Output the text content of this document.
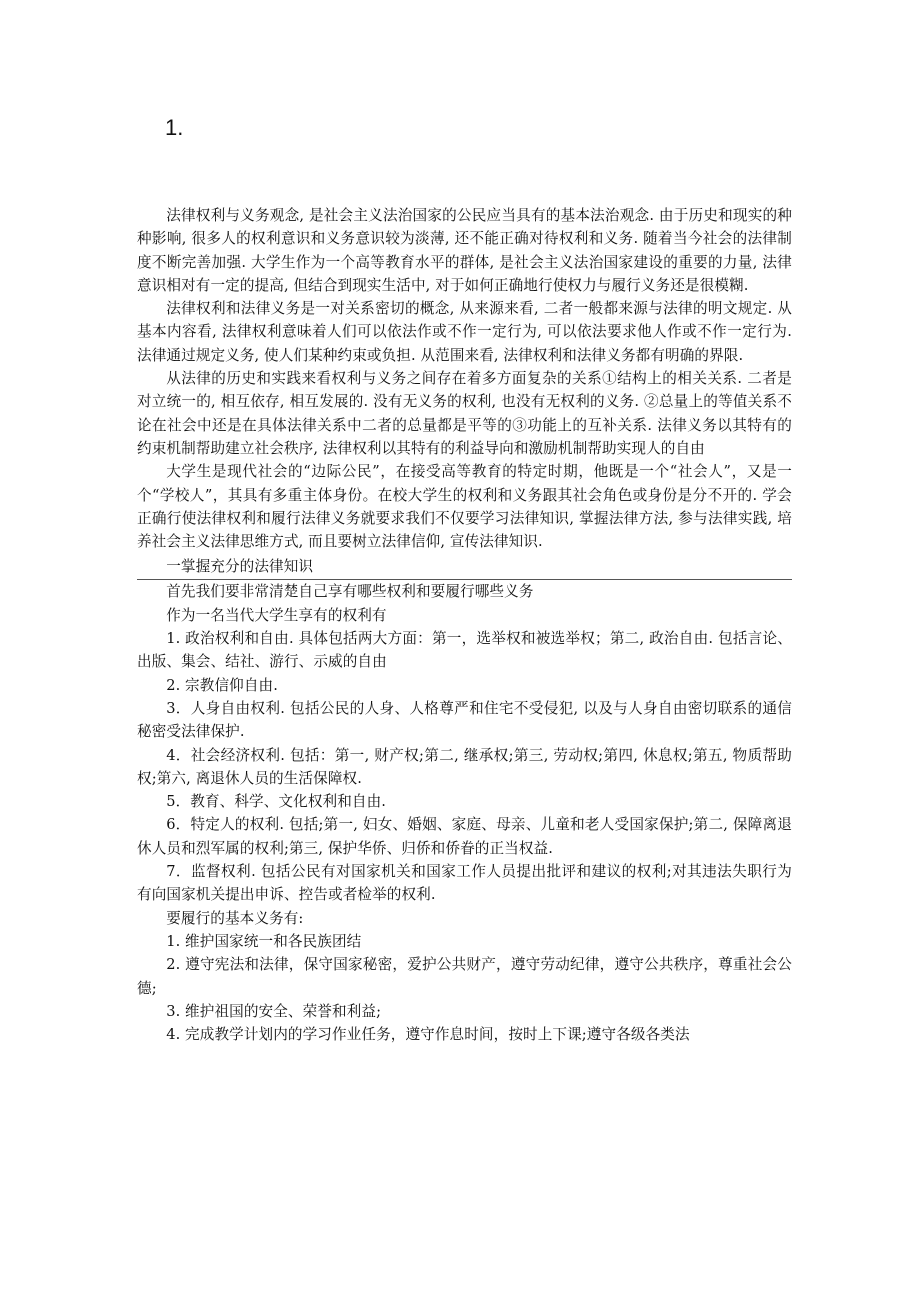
1.

法律权利与义务观念, 是社会主义法治国家的公民应当具有的基本法治观念. 由于历史和现实的种种影响, 很多人的权利意识和义务意识较为淡薄, 还不能正确对待权利和义务. 随着当今社会的法律制度不断完善加强. 大学生作为一个高等教育水平的群体, 是社会主义法治国家建设的重要的力量, 法律意识相对有一定的提高, 但结合到现实生活中, 对于如何正确地行使权力与履行义务还是很模糊.

法律权利和法律义务是一对关系密切的概念, 从来源来看, 二者一般都来源与法律的明文规定. 从基本内容看, 法律权利意味着人们可以依法作或不作一定行为, 可以依法要求他人作或不作一定行为. 法律通过规定义务, 使人们某种约束或负担. 从范围来看, 法律权利和法律义务都有明确的界限.

从法律的历史和实践来看权利与义务之间存在着多方面复杂的关系①结构上的相关关系. 二者是对立统一的, 相互依存, 相互发展的. 没有无义务的权利, 也没有无权利的义务. ②总量上的等值关系不论在社会中还是在具体法律关系中二者的总量都是平等的③功能上的互补关系. 法律义务以其特有的约束机制帮助建立社会秩序, 法律权利以其特有的利益导向和激励机制帮助实现人的自由

大学生是现代社会的“边际公民”，在接受高等教育的特定时期，他既是一个“社会人”，又是一个“学校人”，其具有多重主体身份。在校大学生的权利和义务跟其社会角色或身份是分不开的. 学会正确行使法律权利和履行法律义务就要求我们不仅要学习法律知识, 掌握法律方法, 参与法律实践, 培养社会主义法律思维方式, 而且要树立法律信仰, 宣传法律知识.

一掌握充分的法律知识

首先我们要非常清楚自己享有哪些权利和要履行哪些义务

作为一名当代大学生享有的权利有

1. 政治权利和自由. 具体包括两大方面：第一，选举权和被选举权；第二, 政治自由. 包括言论、出版、集会、结社、游行、示威的自由

2. 宗教信仰自由.

3．人身自由权利. 包括公民的人身、人格尊严和住宅不受侵犯, 以及与人身自由密切联系的通信秘密受法律保护.

4．社会经济权利. 包括：第一, 财产权;第二, 继承权;第三, 劳动权;第四, 休息权;第五, 物质帮助权;第六, 离退休人员的生活保障权.

5．教育、科学、文化权利和自由.

6．特定人的权利. 包括;第一, 妇女、婚姻、家庭、母亲、儿童和老人受国家保护;第二, 保障离退休人员和烈军属的权利;第三, 保护华侨、归侨和侨眷的正当权益.

7．监督权利. 包括公民有对国家机关和国家工作人员提出批评和建议的权利;对其违法失职行为有向国家机关提出申诉、控告或者检举的权利.

要履行的基本义务有:

1. 维护国家统一和各民族团结

2. 遵守宪法和法律，保守国家秘密，爱护公共财产，遵守劳动纪律，遵守公共秩序，尊重社会公德;

3. 维护祖国的安全、荣誉和利益;

4. 完成教学计划内的学习作业任务，遵守作息时间，按时上下课;遵守各级各类法
